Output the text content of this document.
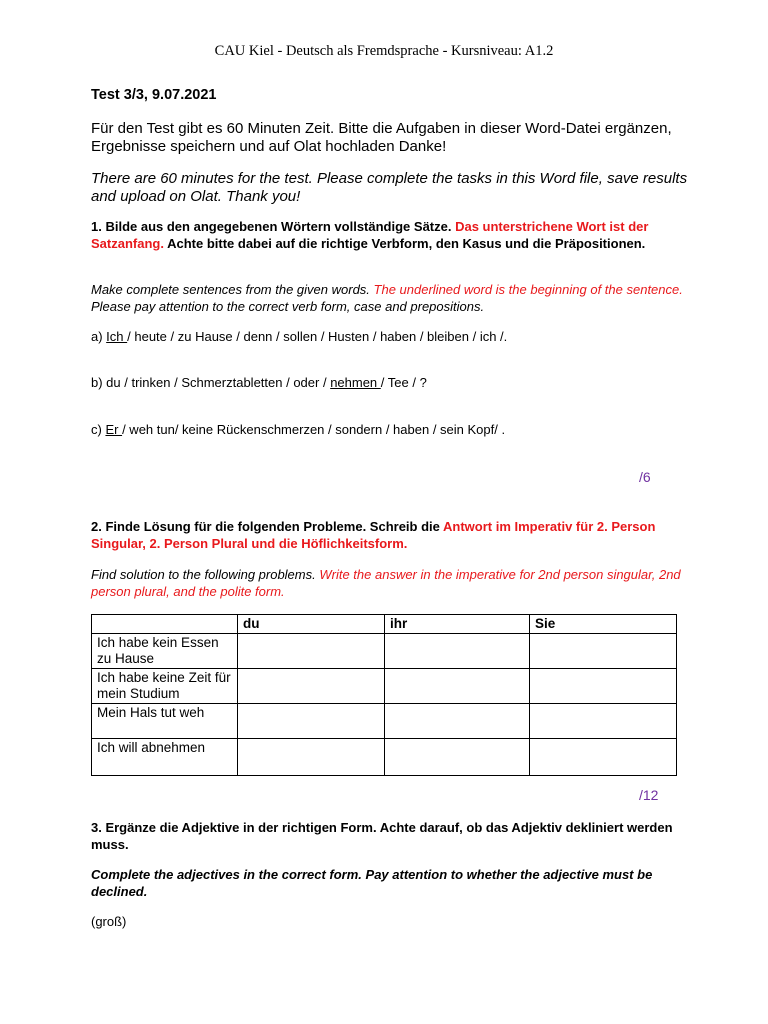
CAU Kiel - Deutsch als Fremdsprache - Kursniveau: A1.2
Test 3/3, 9.07.2021
Für den Test gibt es 60 Minuten Zeit. Bitte die Aufgaben in dieser Word-Datei ergänzen, Ergebnisse speichern und auf Olat hochladen Danke!
There are 60 minutes for the test. Please complete the tasks in this Word file, save results and upload on Olat. Thank you!
1. Bilde aus den angegebenen Wörtern vollständige Sätze. Das unterstrichene Wort ist der Satzanfang. Achte bitte dabei auf die richtige Verbform, den Kasus und die Präpositionen.
Make complete sentences from the given words. The underlined word is the beginning of the sentence. Please pay attention to the correct verb form, case and prepositions.
a) Ich / heute / zu Hause / denn / sollen / Husten / haben / bleiben / ich /.
b) du / trinken / Schmerztabletten / oder / nehmen / Tee / ?
c) Er / weh tun/ keine Rückenschmerzen / sondern / haben / sein Kopf/ .
/6
2. Finde Lösung für die folgenden Probleme. Schreib die Antwort im Imperativ für 2. Person Singular, 2. Person Plural und die Höflichkeitsform.
Find solution to the following problems. Write the answer in the imperative for 2nd person singular, 2nd person plural, and the polite form.
	du	ihr	Sie
Ich habe kein Essen zu Hause			
Ich habe keine Zeit für mein Studium			
Mein Hals tut weh			
Ich will abnehmen			
/12
3. Ergänze die Adjektive in der richtigen Form. Achte darauf, ob das Adjektiv dekliniert werden muss.
Complete the adjectives in the correct form. Pay attention to whether the adjective must be declined.
(groß)
